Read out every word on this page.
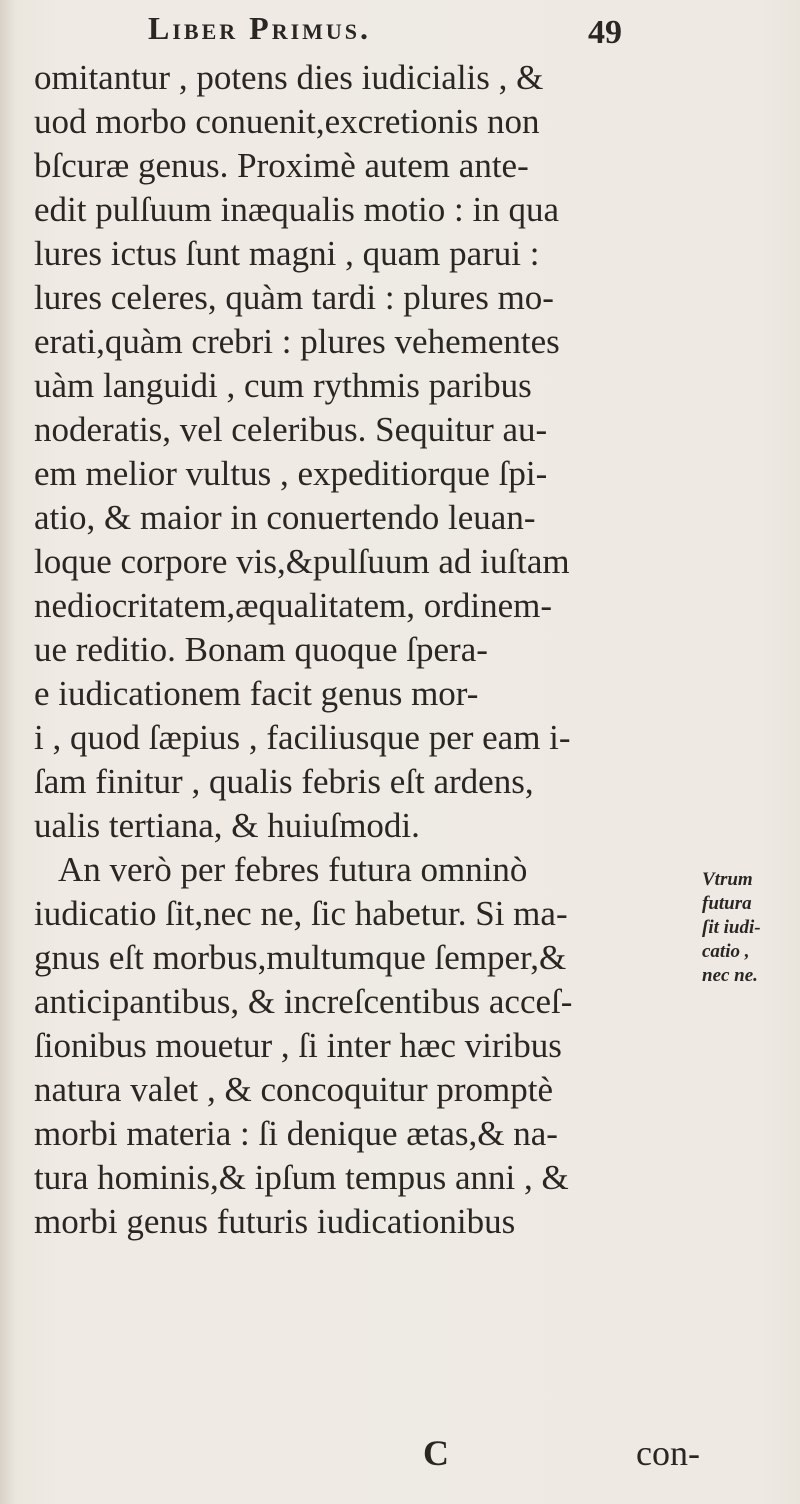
Liber Primus.	49
omitantur , potens dies iudicialis , &
uod morbo conuenit,excretionis non
bſcuræ genus. Proximè autem ante-
edit pulſuum inæqualis motio : in qua
lures ictus ſunt magni , quam parui :
lures celeres, quàm tardi : plures mo-
erati,quàm crebri : plures vehementes
uàm languidi , cum rythmis paribus
noderatis, vel celeribus. Sequitur au-
em melior vultus , expeditiorque ſpi-
atio, & maior in conuertendo leuan-
loque corpore vis,&pulſuum ad iuſtam
nediocritatem,æqualitatem, ordinem-
ue reditio. Bonam quoque ſpera-
e iudicationem facit genus mor-
i , quod ſæpius , faciliusque per eam i-
ſam finitur , qualis febris eſt ardens,
ualis tertiana, & huiuſmodi.
An verò per febres futura omninò
iudicatio ſit,nec ne, ſic habetur. Si ma-
gnus eſt morbus,multumque ſemper,&
anticipantibus, & increſcentibus acceſ-
ſionibus mouetur , ſi inter hæc viribus
natura valet , & concoquitur promptè
morbi materia : ſi denique ætas,& na-
tura hominis,& ipſum tempus anni , &
morbi genus futuris iudicationibus
Vtrum
futura
ſit iudi-
catio ,
nec ne.
C	con-
